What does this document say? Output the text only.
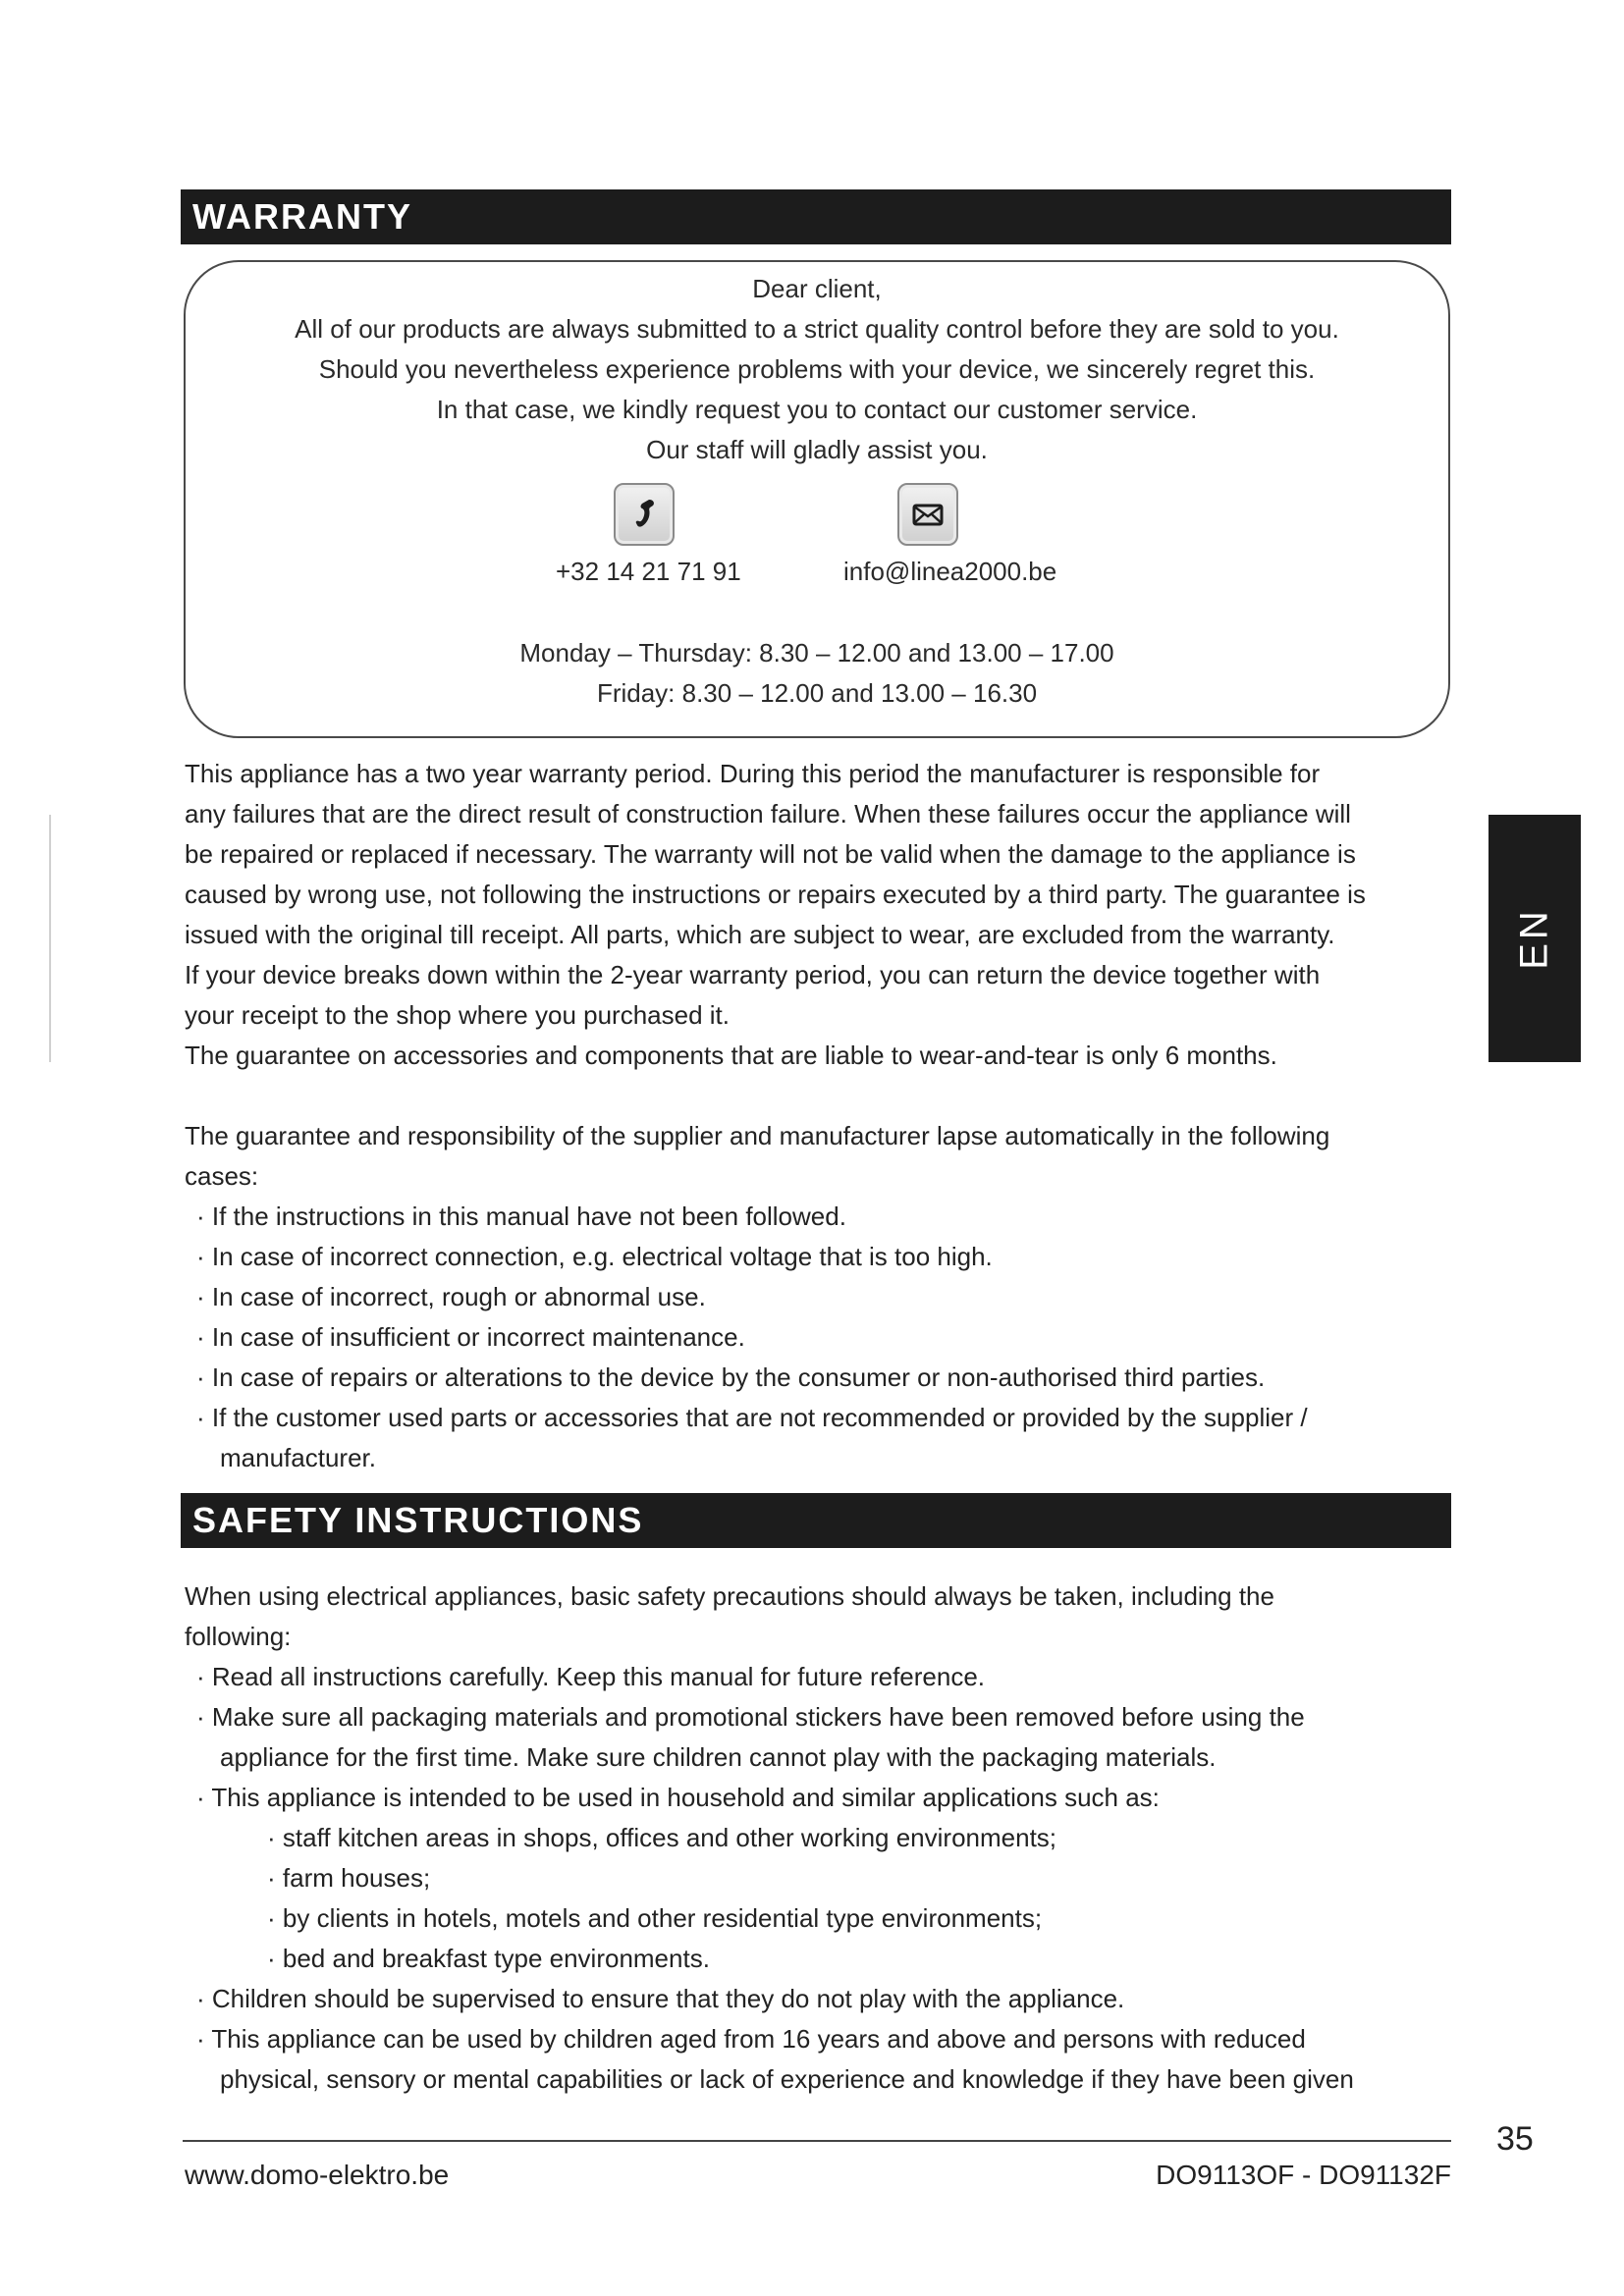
WARRANTY
Dear client,
All of our products are always submitted to a strict quality control before they are sold to you.
Should you nevertheless experience problems with your device, we sincerely regret this.
In that case, we kindly request you to contact our customer service.
Our staff will gladly assist you.
+32 14 21 71 91	info@linea2000.be
Monday – Thursday: 8.30 – 12.00 and 13.00 – 17.00
Friday: 8.30 – 12.00 and 13.00 – 16.30
This appliance has a two year warranty period. During this period the manufacturer is responsible for
any failures that are the direct result of construction failure. When these failures occur the appliance will
be repaired or replaced if necessary. The warranty will not be valid when the damage to the appliance is
caused by wrong use, not following the instructions or repairs executed by a third party. The guarantee is
issued with the original till receipt. All parts, which are subject to wear, are excluded from the warranty.
If your device breaks down within the 2-year warranty period, you can return the device together with
your receipt to the shop where you purchased it.
The guarantee on accessories and components that are liable to wear-and-tear is only 6 months.
The guarantee and responsibility of the supplier and manufacturer lapse automatically in the following
cases:
· If the instructions in this manual have not been followed.
· In case of incorrect connection, e.g. electrical voltage that is too high.
· In case of incorrect, rough or abnormal use.
· In case of insufficient or incorrect maintenance.
· In case of repairs or alterations to the device by the consumer or non-authorised third parties.
· If the customer used parts or accessories that are not recommended or provided by the supplier /
manufacturer.
SAFETY INSTRUCTIONS
When using electrical appliances, basic safety precautions should always be taken, including the
following:
· Read all instructions carefully. Keep this manual for future reference.
· Make sure all packaging materials and promotional stickers have been removed before using the
appliance for the first time. Make sure children cannot play with the packaging materials.
· This appliance is intended to be used in household and similar applications such as:
· staff kitchen areas in shops, offices and other working environments;
· farm houses;
· by clients in hotels, motels and other residential type environments;
· bed and breakfast type environments.
· Children should be supervised to ensure that they do not play with the appliance.
· This appliance can be used by children aged from 16 years and above and persons with reduced
physical, sensory or mental capabilities or lack of experience and knowledge if they have been given
EN
35
www.domo-elektro.be	DO9113OF - DO91132F
